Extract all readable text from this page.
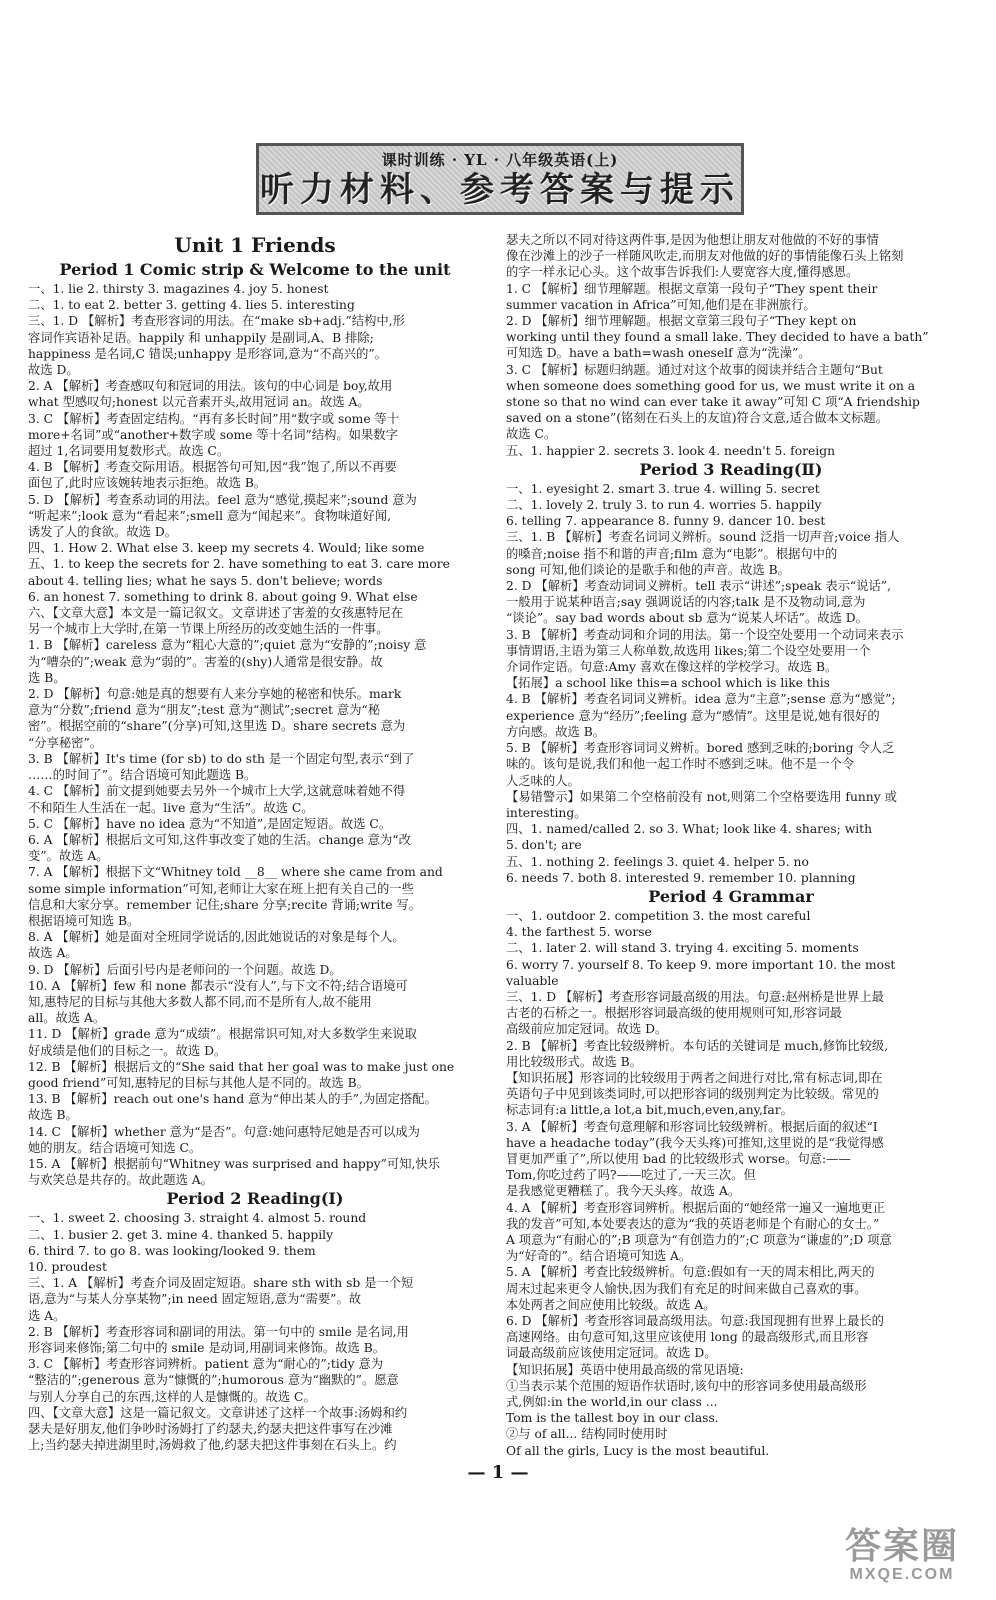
课时训练 · YL · 八年级英语(上)
听力材料、参考答案与提示
Unit 1 Friends
Period 1 Comic strip & Welcome to the unit
一、1. lie 2. thirsty 3. magazines 4. joy 5. honest
二、1. to eat 2. better 3. getting 4. lies 5. interesting
三、1. D 【解析】考查形容词的用法。在“make sb+adj.”结构中,形
容词作宾语补足语。happily 和 unhappily 是副词,A、B 排除;
happiness 是名词,C 错误;unhappy 是形容词,意为“不高兴的”。
故选 D。
2. A 【解析】考查感叹句和冠词的用法。该句的中心词是 boy,故用
what 型感叹句;honest 以元音素开头,故用冠词 an。故选 A。
3. C 【解析】考查固定结构。“再有多长时间”用“数字或 some 等十
more+名词”或“another+数字或 some 等十名词”结构。如果数字
超过 1,名词要用复数形式。故选 C。
4. B 【解析】考查交际用语。根据答句可知,因“我”饱了,所以不再要
面包了,此时应该婉转地表示拒绝。故选 B。
5. D 【解析】考查系动词的用法。feel 意为“感觉,摸起来”;sound 意为
“听起来”;look 意为“看起来”;smell 意为“闻起来”。食物味道好闻,
诱发了人的食欲。故选 D。
四、1. How 2. What else 3. keep my secrets 4. Would; like some
五、1. to keep the secrets for 2. have something to eat 3. care more
about 4. telling lies; what he says 5. don't believe; words
6. an honest 7. something to drink 8. about going 9. What else
六、【文章大意】本文是一篇记叙文。文章讲述了害羞的女孩惠特尼在
另一个城市上大学时,在第一节课上所经历的改变她生活的一件事。
1. B 【解析】careless 意为“粗心大意的”;quiet 意为“安静的”;noisy 意
为“嘈杂的”;weak 意为“弱的”。害羞的(shy)人通常是很安静。故
选 B。
2. D 【解析】句意:她是真的想要有人来分享她的秘密和快乐。mark
意为“分数”;friend 意为“朋友”;test 意为“测试”;secret 意为“秘
密”。根据空前的“share”(分享)可知,这里选 D。share secrets 意为
“分享秘密”。
3. B 【解析】It's time (for sb) to do sth 是一个固定句型,表示“到了
……的时间了”。结合语境可知此题选 B。
4. C 【解析】前文提到她要去另外一个城市上大学,这就意味着她不得
不和陌生人生活在一起。live 意为“生活”。故选 C。
5. C 【解析】have no idea 意为“不知道”,是固定短语。故选 C。
6. A 【解析】根据后文可知,这件事改变了她的生活。change 意为“改
变”。故选 A。
7. A 【解析】根据下文“Whitney told __8__ where she came from and
some simple information”可知,老师让大家在班上把有关自己的一些
信息和大家分享。remember 记住;share 分享;recite 背诵;write 写。
根据语境可知选 B。
8. A 【解析】她是面对全班同学说话的,因此她说话的对象是每个人。
故选 A。
9. D 【解析】后面引号内是老师问的一个问题。故选 D。
10. A 【解析】few 和 none 都表示“没有人”,与下文不符;结合语境可
知,惠特尼的目标与其他大多数人都不同,而不是所有人,故不能用
all。故选 A。
11. D 【解析】grade 意为“成绩”。根据常识可知,对大多数学生来说取
好成绩是他们的目标之一。故选 D。
12. B 【解析】根据后文的“She said that her goal was to make just one
good friend”可知,惠特尼的目标与其他人是不同的。故选 B。
13. B 【解析】reach out one's hand 意为“伸出某人的手”,为固定搭配。
故选 B。
14. C 【解析】whether 意为“是否”。句意:她问惠特尼她是否可以成为
她的朋友。结合语境可知选 C。
15. A 【解析】根据前句“Whitney was surprised and happy”可知,快乐
与欢笑总是共存的。故此题选 A。
Period 2 Reading(Ⅰ)
一、1. sweet 2. choosing 3. straight 4. almost 5. round
二、1. busier 2. get 3. mine 4. thanked 5. happily
6. third 7. to go 8. was looking/looked 9. them
10. proudest
三、1. A 【解析】考查介词及固定短语。share sth with sb 是一个短
语,意为“与某人分享某物”;in need 固定短语,意为“需要”。故
选 A。
2. B 【解析】考查形容词和副词的用法。第一句中的 smile 是名词,用
形容词来修饰;第二句中的 smile 是动词,用副词来修饰。故选 B。
3. C 【解析】考查形容词辨析。patient 意为“耐心的”;tidy 意为
“整洁的”;generous 意为“慷慨的”;humorous 意为“幽默的”。愿意
与别人分享自己的东西,这样的人是慷慨的。故选 C。
四、【文章大意】这是一篇记叙文。文章讲述了这样一个故事:汤姆和约
瑟夫是好朋友,他们争吵时汤姆打了约瑟夫,约瑟夫把这件事写在沙滩
上;当约瑟夫掉进湖里时,汤姆救了他,约瑟夫把这件事刻在石头上。约
瑟夫之所以不同对待这两件事,是因为他想让朋友对他做的不好的事情
像在沙滩上的沙子一样随风吹走,而朋友对他做的好的事情能像石头上铭刻
的字一样永记心头。这个故事告诉我们:人要宽容大度,懂得感恩。
1. C 【解析】细节理解题。根据文章第一段句子“They spent their
summer vacation in Africa”可知,他们是在非洲旅行。
2. D 【解析】细节理解题。根据文章第三段句子“They kept on
working until they found a small lake. They decided to have a bath”
可知选 D。have a bath=wash oneself 意为“洗澡”。
3. C 【解析】标题归纳题。通过对这个故事的阅读并结合主题句“But
when someone does something good for us, we must write it on a
stone so that no wind can ever take it away”可知 C 项“A friendship
saved on a stone”(铭刻在石头上的友谊)符合文意,适合做本文标题。
故选 C。
五、1. happier 2. secrets 3. look 4. needn't 5. foreign
Period 3 Reading(Ⅱ)
一、1. eyesight 2. smart 3. true 4. willing 5. secret
二、1. lovely 2. truly 3. to run 4. worries 5. happily
6. telling 7. appearance 8. funny 9. dancer 10. best
三、1. B 【解析】考查名词词义辨析。sound 泛指一切声音;voice 指人
的嗓音;noise 指不和谐的声音;film 意为“电影”。根据句中的
song 可知,他们谈论的是歌手和他的声音。故选 B。
2. D 【解析】考查动词词义辨析。tell 表示“讲述”;speak 表示“说话”,
一般用于说某种语言;say 强调说话的内容;talk 是不及物动词,意为
“谈论”。say bad words about sb 意为“说某人坏话”。故选 D。
3. B 【解析】考查动词和介词的用法。第一个设空处要用一个动词来表示
事情谓语,主语为第三人称单数,故选用 likes;第二个设空处要用一个
介词作定语。句意:Amy 喜欢在像这样的学校学习。故选 B。
【拓展】a school like this=a school which is like this
4. B 【解析】考查名词词义辨析。idea 意为“主意”;sense 意为“感觉”;
experience 意为“经历”;feeling 意为“感情”。这里是说,她有很好的
方向感。故选 B。
5. B 【解析】考查形容词词义辨析。bored 感到乏味的;boring 令人乏
味的。该句是说,我们和他一起工作时不感到乏味。他不是一个令
人乏味的人。
【易错警示】如果第二个空格前没有 not,则第二个空格要选用 funny 或
interesting。
四、1. named/called 2. so 3. What; look like 4. shares; with
5. don't; are
五、1. nothing 2. feelings 3. quiet 4. helper 5. no
6. needs 7. both 8. interested 9. remember 10. planning
Period 4 Grammar
一、1. outdoor 2. competition 3. the most careful
4. the farthest 5. worse
二、1. later 2. will stand 3. trying 4. exciting 5. moments
6. worry 7. yourself 8. To keep 9. more important 10. the most
valuable
三、1. D 【解析】考查形容词最高级的用法。句意:赵州桥是世界上最
古老的石桥之一。根据形容词最高级的使用规则可知,形容词最
高级前应加定冠词。故选 D。
2. B 【解析】考查比较级辨析。本句话的关键词是 much,修饰比较级,
用比较级形式。故选 B。
【知识拓展】形容词的比较级用于两者之间进行对比,常有标志词,即在
英语句子中见到该类词时,可以把形容词的级别判定为比较级。常见的
标志词有:a little,a lot,a bit,much,even,any,far。
3. A 【解析】考查句意理解和形容词比较级辨析。根据后面的叙述“I
have a headache today”(我今天头疼)可推知,这里说的是“我觉得感
冒更加严重了”,所以使用 bad 的比较级形式 worse。句意:——
Tom,你吃过药了吗?——吃过了,一天三次。但
是我感觉更糟糕了。我今天头疼。故选 A。
4. A 【解析】考查形容词辨析。根据后面的“她经常一遍又一遍地更正
我的发音”可知,本处要表达的意为“我的英语老师是个有耐心的女士。”
A 项意为“有耐心的”;B 项意为“有创造力的”;C 项意为“谦虚的”;D 项意
为“好奇的”。结合语境可知选 A。
5. A 【解析】考查比较级辨析。句意:假如有一天的周末相比,两天的
周末过起来更令人愉快,因为我们有充足的时间来做自己喜欢的事。
本处两者之间应使用比较级。故选 A。
6. D 【解析】考查形容词最高级用法。句意:我国现拥有世界上最长的
高速网络。由句意可知,这里应该使用 long 的最高级形式,而且形容
词最高级前应该使用定冠词。故选 D。
【知识拓展】英语中使用最高级的常见语境:
①当表示某个范围的短语作状语时,该句中的形容词多使用最高级形
式,例如:in the world,in our class ...
Tom is the tallest boy in our class.
②与 of all... 结构同时使用时
Of all the girls, Lucy is the most beautiful.
— 1 —
答案圈
MXQE.COM
